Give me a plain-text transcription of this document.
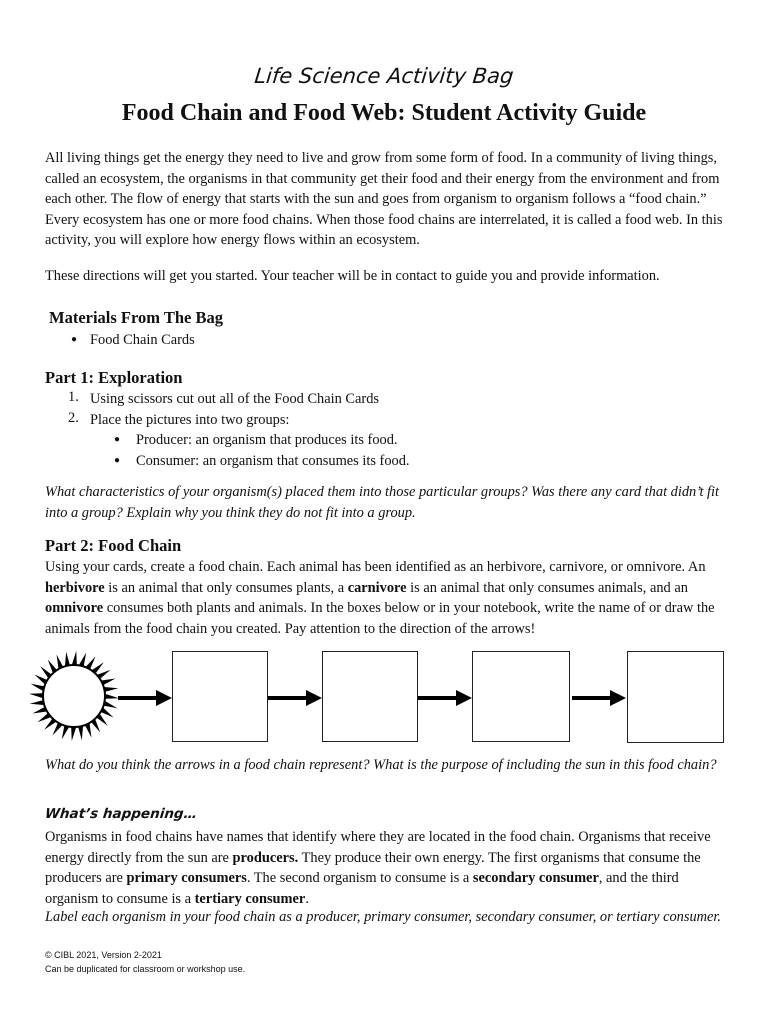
Life Science Activity Bag
Food Chain and Food Web: Student Activity Guide
All living things get the energy they need to live and grow from some form of food. In a community of living things, called an ecosystem, the organisms in that community get their food and their energy from the environment and from each other. The flow of energy that starts with the sun and goes from organism to organism follows a “food chain.” Every ecosystem has one or more food chains. When those food chains are interrelated, it is called a food web. In this activity, you will explore how energy flows within an ecosystem.
These directions will get you started. Your teacher will be in contact to guide you and provide information.
Materials From The Bag
● Food Chain Cards
Part 1: Exploration
1. Using scissors cut out all of the Food Chain Cards
2. Place the pictures into two groups:
● Producer: an organism that produces its food.
● Consumer: an organism that consumes its food.
What characteristics of your organism(s) placed them into those particular groups? Was there any card that didn’t fit into a group? Explain why you think they do not fit into a group.
Part 2: Food Chain
Using your cards, create a food chain. Each animal has been identified as an herbivore, carnivore, or omnivore. An herbivore is an animal that only consumes plants, a carnivore is an animal that only consumes animals, and an omnivore consumes both plants and animals. In the boxes below or in your notebook, write the name of or draw the animals from the food chain you created. Pay attention to the direction of the arrows!
What do you think the arrows in a food chain represent? What is the purpose of including the sun in this food chain?
What’s happening…
Organisms in food chains have names that identify where they are located in the food chain. Organisms that receive energy directly from the sun are producers. They produce their own energy. The first organisms that consume the producers are primary consumers. The second organism to consume is a secondary consumer, and the third organism to consume is a tertiary consumer.
Label each organism in your food chain as a producer, primary consumer, secondary consumer, or tertiary consumer.
© CIBL 2021, Version 2-2021
Can be duplicated for classroom or workshop use.
